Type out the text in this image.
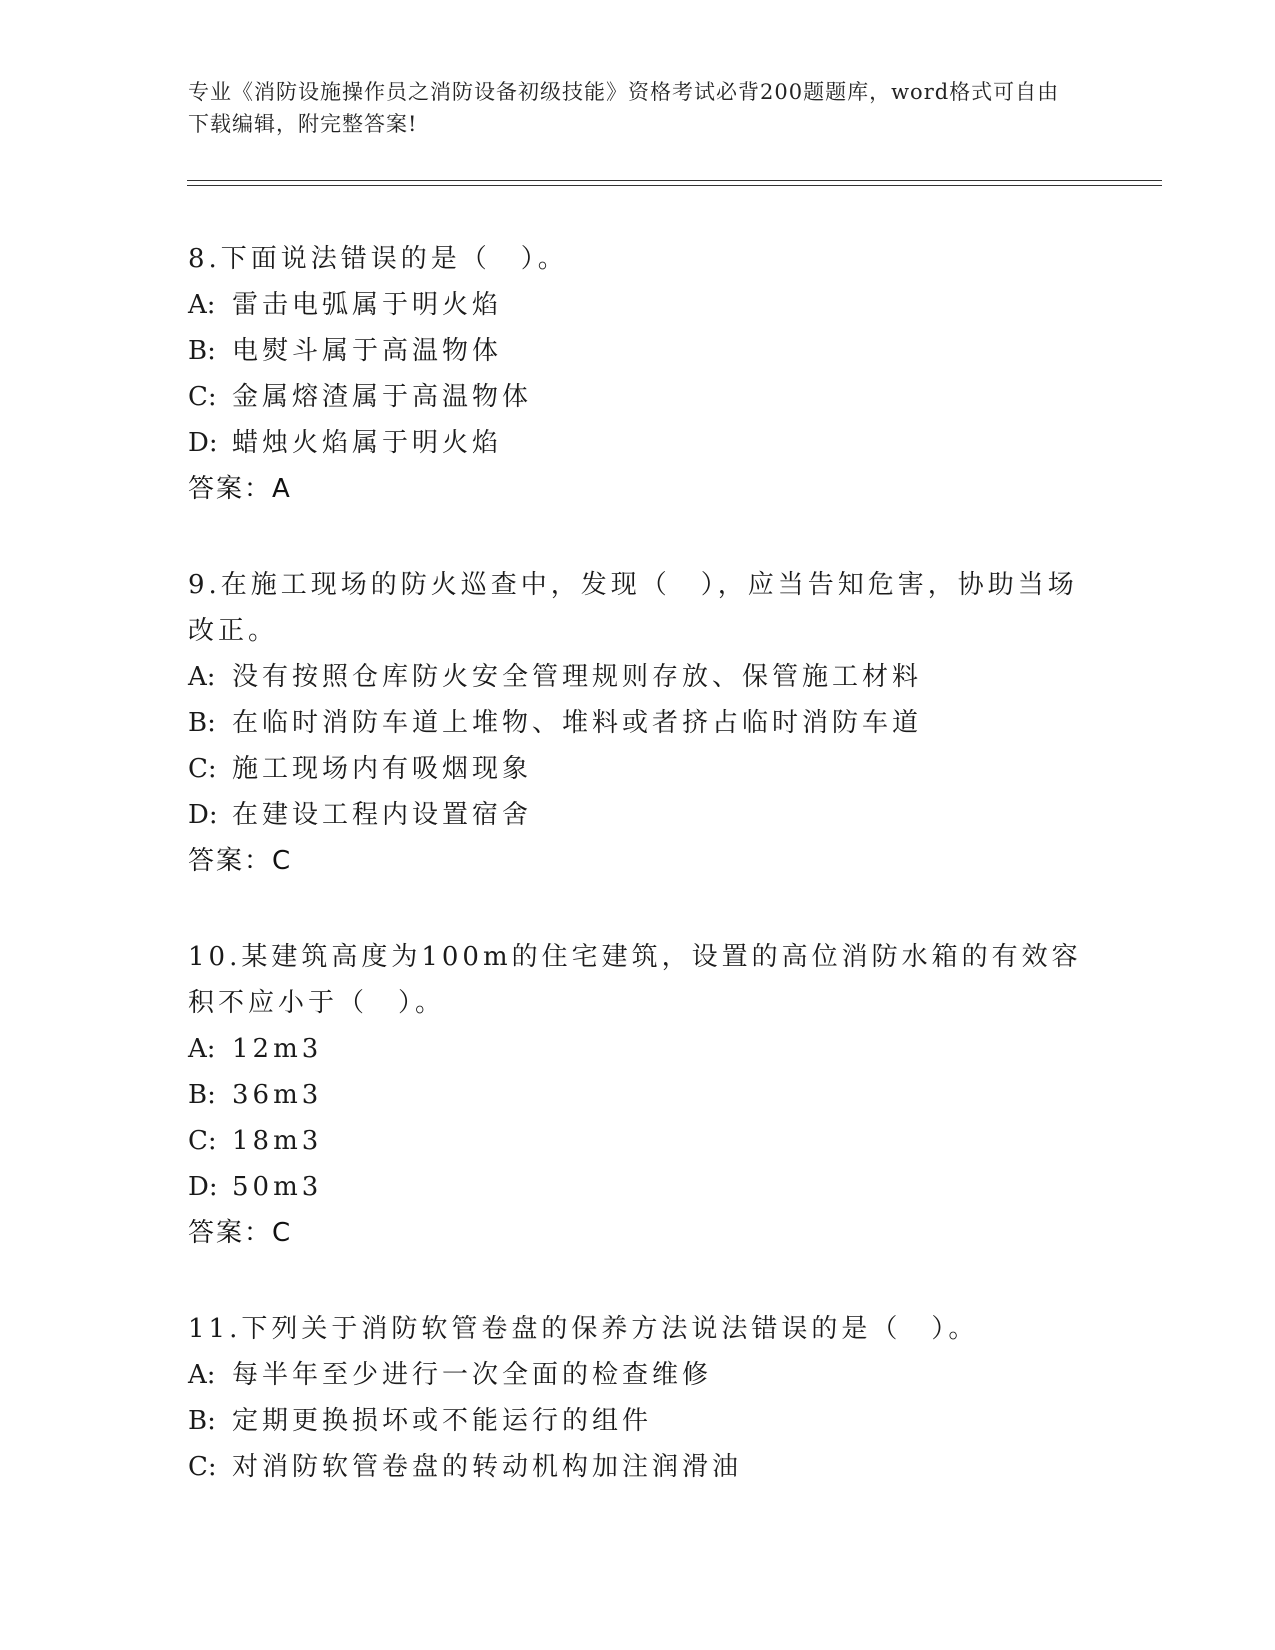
专业《消防设施操作员之消防设备初级技能》资格考试必背200题题库，word格式可自由下载编辑，附完整答案!
8.下面说法错误的是（　）。
A: 雷击电弧属于明火焰
B: 电熨斗属于高温物体
C: 金属熔渣属于高温物体
D: 蜡烛火焰属于明火焰
答案：A
9.在施工现场的防火巡查中，发现（　），应当告知危害，协助当场改正。
A: 没有按照仓库防火安全管理规则存放、保管施工材料
B: 在临时消防车道上堆物、堆料或者挤占临时消防车道
C: 施工现场内有吸烟现象
D: 在建设工程内设置宿舍
答案：C
10.某建筑高度为100m的住宅建筑，设置的高位消防水箱的有效容积不应小于（　）。
A: 12m3
B: 36m3
C: 18m3
D: 50m3
答案：C
11.下列关于消防软管卷盘的保养方法说法错误的是（　）。
A: 每半年至少进行一次全面的检查维修
B: 定期更换损坏或不能运行的组件
C: 对消防软管卷盘的转动机构加注润滑油
